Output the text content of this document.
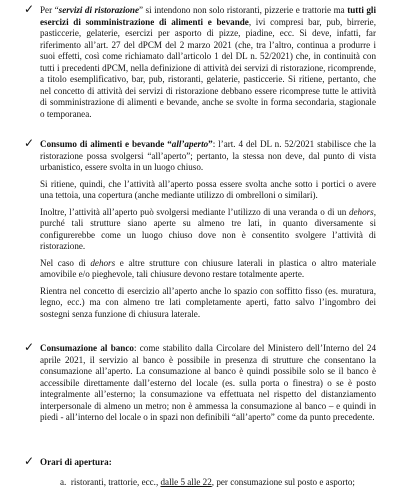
✓ Per “servizi di ristorazione” si intendono non solo ristoranti, pizzerie e trattorie ma tutti gli esercizi di somministrazione di alimenti e bevande, ivi compresi bar, pub, birrerie, pasticcerie, gelaterie, esercizi per asporto di pizze, piadine, ecc. Si deve, infatti, far riferimento all’art. 27 del dPCM del 2 marzo 2021 (che, tra l’altro, continua a produrre i suoi effetti, così come richiamato dall’articolo 1 del DL n. 52/2021) che, in continuità con tutti i precedenti dPCM, nella definizione di attività dei servizi di ristorazione, ricomprende, a titolo esemplificativo, bar, pub, ristoranti, gelaterie, pasticcerie. Si ritiene, pertanto, che nel concetto di attività dei servizi di ristorazione debbano essere ricomprese tutte le attività di somministrazione di alimenti e bevande, anche se svolte in forma secondaria, stagionale o temporanea.

✓ Consumo di alimenti e bevande “all’aperto”: l’art. 4 del DL n. 52/2021 stabilisce che la ristorazione possa svolgersi “all’aperto”; pertanto, la stessa non deve, dal punto di vista urbanistico, essere svolta in un luogo chiuso.

Si ritiene, quindi, che l’attività all’aperto possa essere svolta anche sotto i portici o avere una tettoia, una copertura (anche mediante utilizzo di ombrelloni o similari).

Inoltre, l’attività all’aperto può svolgersi mediante l’utilizzo di una veranda o di un dehors, purché tali strutture siano aperte su almeno tre lati, in quanto diversamente si configurerebbe come un luogo chiuso dove non è consentito svolgere l’attività di ristorazione.

Nel caso di dehors e altre strutture con chiusure laterali in plastica o altro materiale amovibile e/o pieghevole, tali chiusure devono restare totalmente aperte.

Rientra nel concetto di esercizio all’aperto anche lo spazio con soffitto fisso (es. muratura, legno, ecc.) ma con almeno tre lati completamente aperti, fatto salvo l’ingombro dei sostegni senza funzione di chiusura laterale.

✓ Consumazione al banco: come stabilito dalla Circolare del Ministero dell’Interno del 24 aprile 2021, il servizio al banco è possibile in presenza di strutture che consentano la consumazione all’aperto. La consumazione al banco è quindi possibile solo se il banco è accessibile direttamente dall’esterno del locale (es. sulla porta o finestra) o se è posto integralmente all’esterno; la consumazione va effettuata nel rispetto del distanziamento interpersonale di almeno un metro; non è ammessa la consumazione al banco – e quindi in piedi - all’interno del locale o in spazi non definibili “all’aperto” come da punto precedente.

✓ Orari di apertura:

a. ristoranti, trattorie, ecc., dalle 5 alle 22, per consumazione sul posto e asporto;
